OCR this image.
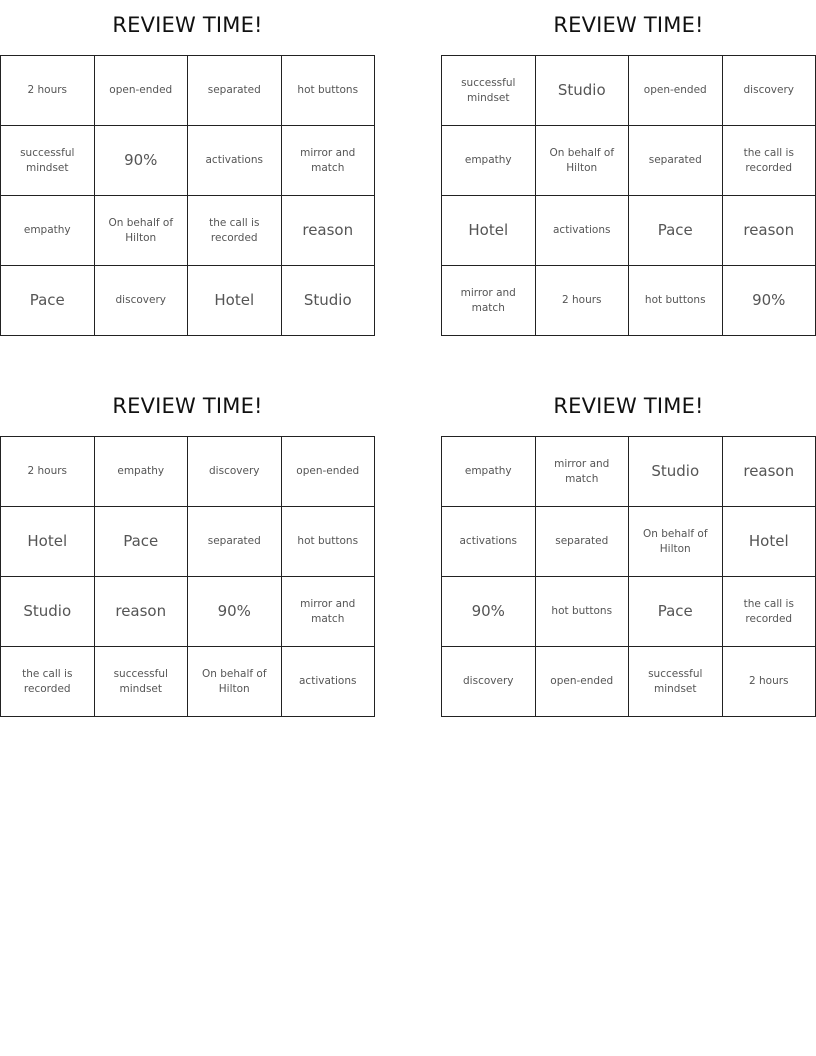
REVIEW TIME!
2 hours	open-ended	separated	hot buttons
successful mindset	90%	activations	mirror and match
empathy	On behalf of Hilton	the call is recorded	reason
Pace	discovery	Hotel	Studio
REVIEW TIME!
successful mindset	Studio	open-ended	discovery
empathy	On behalf of Hilton	separated	the call is recorded
Hotel	activations	Pace	reason
mirror and match	2 hours	hot buttons	90%
REVIEW TIME!
2 hours	empathy	discovery	open-ended
Hotel	Pace	separated	hot buttons
Studio	reason	90%	mirror and match
the call is recorded	successful mindset	On behalf of Hilton	activations
REVIEW TIME!
empathy	mirror and match	Studio	reason
activations	separated	On behalf of Hilton	Hotel
90%	hot buttons	Pace	the call is recorded
discovery	open-ended	successful mindset	2 hours
